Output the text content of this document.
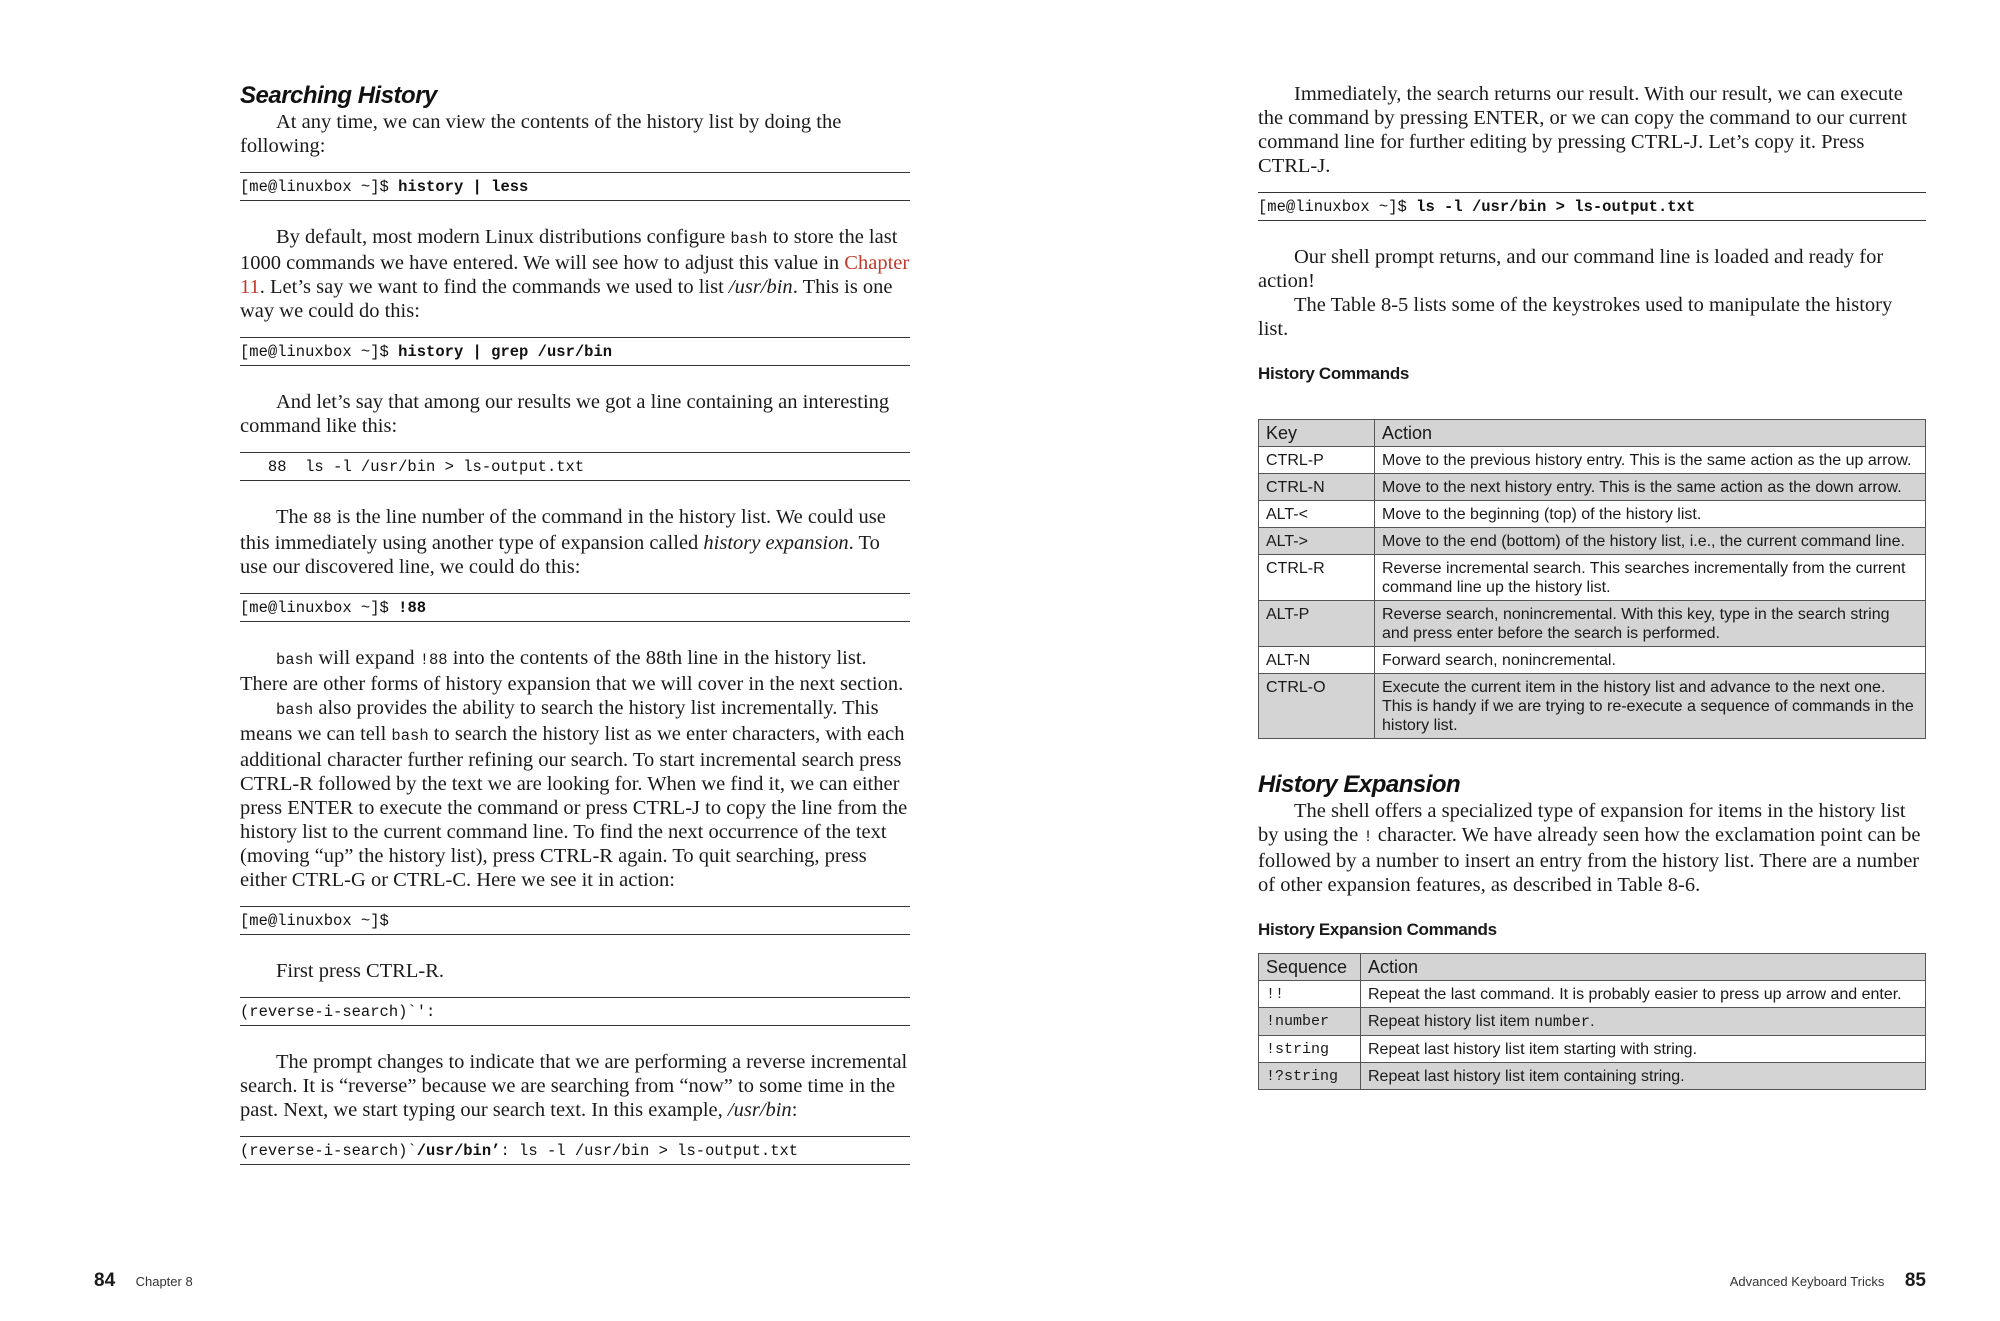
Searching History

At any time, we can view the contents of the history list by doing the following:

[me@linuxbox ~]$ history | less

By default, most modern Linux distributions configure bash to store the last 1000 commands we have entered. We will see how to adjust this value in Chapter 11. Let’s say we want to find the commands we used to list /usr/bin. This is one way we could do this:

[me@linuxbox ~]$ history | grep /usr/bin

And let’s say that among our results we got a line containing an interesting command like this:

88  ls -l /usr/bin > ls-output.txt

The 88 is the line number of the command in the history list. We could use this immediately using another type of expansion called history expansion. To use our discovered line, we could do this:

[me@linuxbox ~]$ !88

bash will expand !88 into the contents of the 88th line in the history list. There are other forms of history expansion that we will cover in the next section.

bash also provides the ability to search the history list incrementally. This means we can tell bash to search the history list as we enter characters, with each additional character further refining our search. To start incremental search press CTRL-R followed by the text we are looking for. When we find it, we can either press ENTER to execute the command or press CTRL-J to copy the line from the history list to the current command line. To find the next occurrence of the text (moving “up” the history list), press CTRL-R again. To quit searching, press either CTRL-G or CTRL-C. Here we see it in action:

[me@linuxbox ~]$

First press CTRL-R.

(reverse-i-search)`':

The prompt changes to indicate that we are performing a reverse incremental search. It is “reverse” because we are searching from “now” to some time in the past. Next, we start typing our search text. In this example, /usr/bin:

(reverse-i-search)`/usr/bin’: ls -l /usr/bin > ls-output.txt

Immediately, the search returns our result. With our result, we can execute the command by pressing ENTER, or we can copy the command to our current command line for further editing by pressing CTRL-J. Let’s copy it. Press CTRL-J.

[me@linuxbox ~]$ ls -l /usr/bin > ls-output.txt

Our shell prompt returns, and our command line is loaded and ready for action!

The Table 8-5 lists some of the keystrokes used to manipulate the history list.

History Commands
Key	Action
CTRL-P	Move to the previous history entry. This is the same action as the up arrow.
CTRL-N	Move to the next history entry. This is the same action as the down arrow.
ALT-<	Move to the beginning (top) of the history list.
ALT->	Move to the end (bottom) of the history list, i.e., the current command line.
CTRL-R	Reverse incremental search. This searches incrementally from the current command line up the history list.
ALT-P	Reverse search, nonincremental. With this key, type in the search string and press enter before the search is performed.
ALT-N	Forward search, nonincremental.
CTRL-O	Execute the current item in the history list and advance to the next one. This is handy if we are trying to re-execute a sequence of commands in the history list.
History Expansion

The shell offers a specialized type of expansion for items in the history list by using the ! character. We have already seen how the exclamation point can be followed by a number to insert an entry from the history list. There are a number of other expansion features, as described in Table 8-6.

History Expansion Commands
Sequence	Action
!!	Repeat the last command. It is probably easier to press up arrow and enter.
!number	Repeat history list item number.
!string	Repeat last history list item starting with string.
!?string	Repeat last history list item containing string.
84 Chapter 8	Advanced Keyboard Tricks 85
